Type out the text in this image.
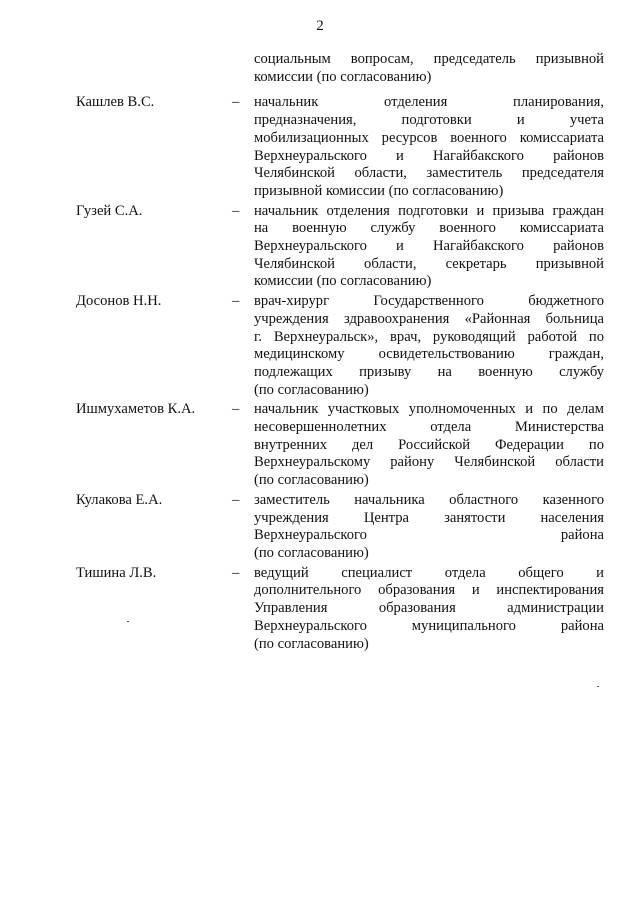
2
социальным вопросам, председатель призывной
комиссии (по согласованию)
Кашлев В.С.	–	начальник отделения планирования,
предназначения, подготовки и учета
мобилизационных ресурсов военного комиссариата
Верхнеуральского и Нагайбакского районов
Челябинской области, заместитель председателя
призывной комиссии (по согласованию)
Гузей С.А.	–	начальник отделения подготовки и призыва граждан
на военную службу военного комиссариата
Верхнеуральского и Нагайбакского районов
Челябинской области, секретарь призывной
комиссии (по согласованию)
Досонов Н.Н.	–	врач-хирург Государственного бюджетного
учреждения здравоохранения «Районная больница
г. Верхнеуральск», врач, руководящий работой по
медицинскому освидетельствованию граждан,
подлежащих призыву на военную службу
(по согласованию)
Ишмухаметов К.А.	–	начальник участковых уполномоченных и по делам
несовершеннолетних отдела Министерства
внутренних дел Российской Федерации по
Верхнеуральскому району Челябинской области
(по согласованию)
Кулакова Е.А.	–	заместитель начальника областного казенного
учреждения Центра занятости населения
Верхнеуральского района
(по согласованию)
Тишина Л.В.	–	ведущий специалист отдела общего и
дополнительного образования и инспектирования
Управления образования администрации
Верхнеуральского муниципального района
(по согласованию)
